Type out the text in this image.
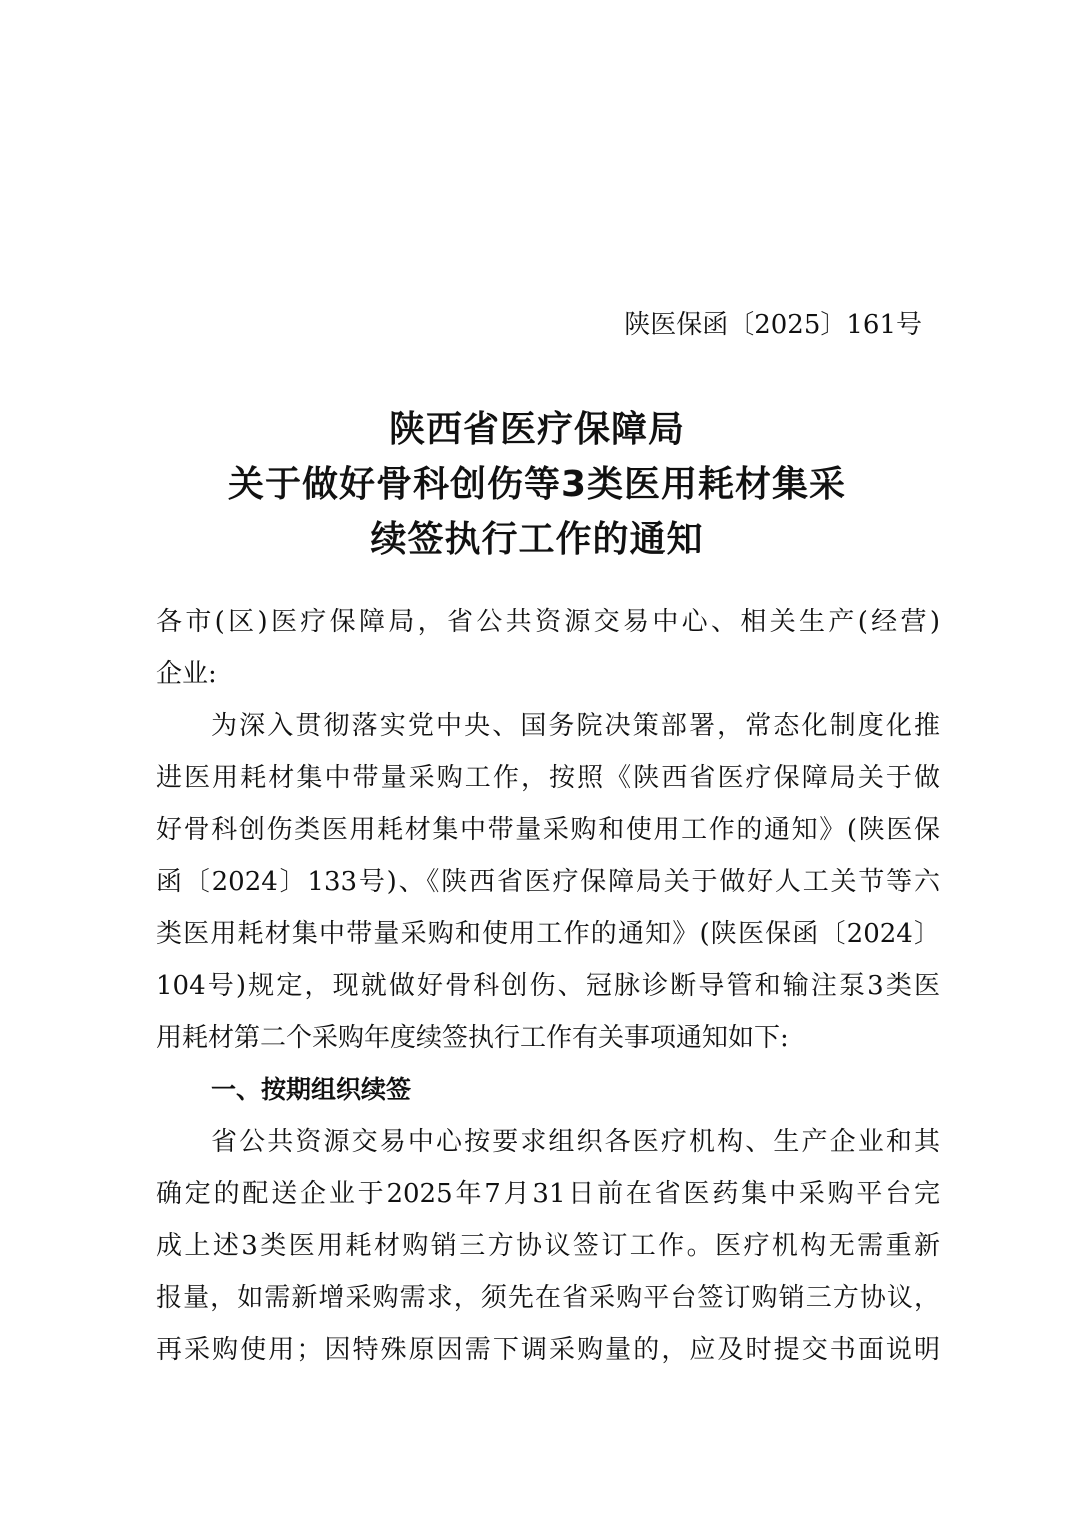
陕医保函〔2025〕161号
陕西省医疗保障局
关于做好骨科创伤等3类医用耗材集采
续签执行工作的通知
各市(区)医疗保障局，省公共资源交易中心、相关生产(经营)
企业:
为深入贯彻落实党中央、国务院决策部署，常态化制度化推
进医用耗材集中带量采购工作，按照《陕西省医疗保障局关于做
好骨科创伤类医用耗材集中带量采购和使用工作的通知》(陕医保
函〔2024〕133号)、《陕西省医疗保障局关于做好人工关节等六
类医用耗材集中带量采购和使用工作的通知》(陕医保函〔2024〕
104号)规定，现就做好骨科创伤、冠脉诊断导管和输注泵3类医
用耗材第二个采购年度续签执行工作有关事项通知如下:
一、按期组织续签
省公共资源交易中心按要求组织各医疗机构、生产企业和其
确定的配送企业于2025年7月31日前在省医药集中采购平台完
成上述3类医用耗材购销三方协议签订工作。医疗机构无需重新
报量，如需新增采购需求，须先在省采购平台签订购销三方协议，
再采购使用；因特殊原因需下调采购量的，应及时提交书面说明
